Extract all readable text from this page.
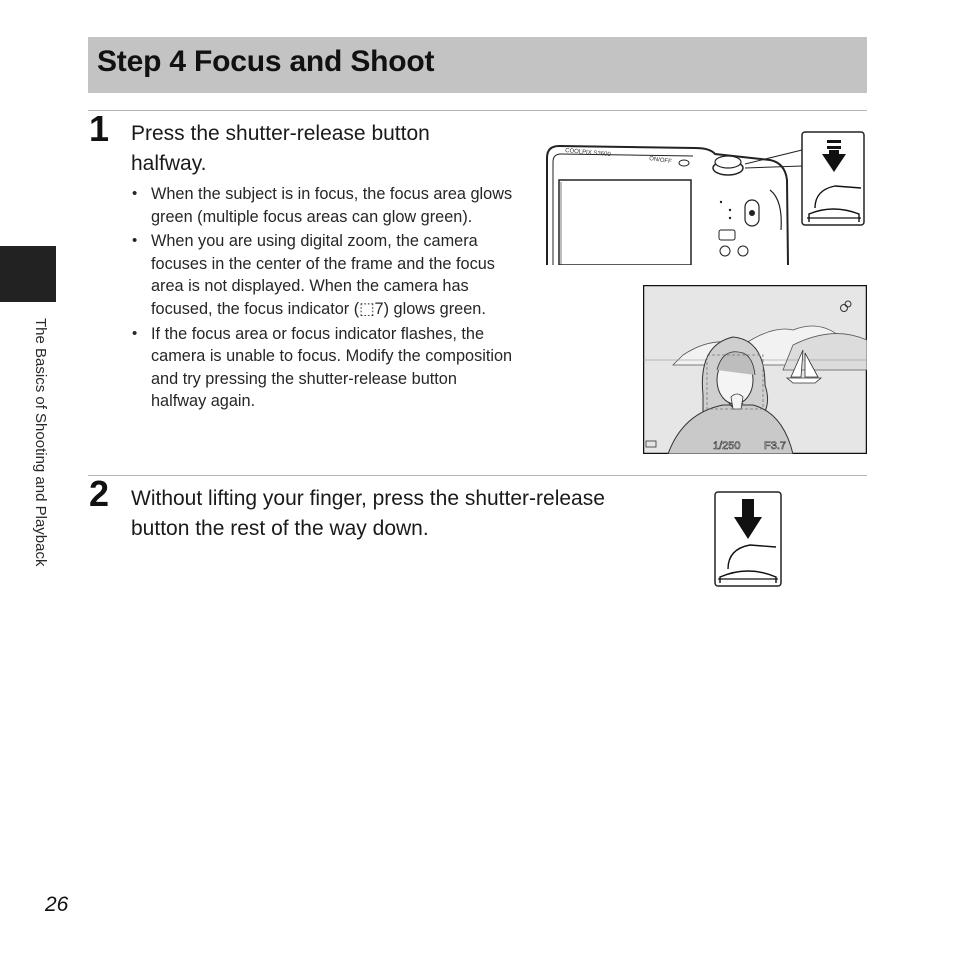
Step 4 Focus and Shoot
The Basics of Shooting and Playback
1 Press the shutter-release button halfway.
• When the subject is in focus, the focus area glows green (multiple focus areas can glow green).
• When you are using digital zoom, the camera focuses in the center of the frame and the focus area is not displayed. When the camera has focused, the focus indicator (⬚7) glows green.
• If the focus area or focus indicator flashes, the camera is unable to focus. Modify the composition and try pressing the shutter-release button halfway again.
COOLPIX S3600
ON/OFF
1/250 F3.7
2 Without lifting your finger, press the shutter-release button the rest of the way down.
26
